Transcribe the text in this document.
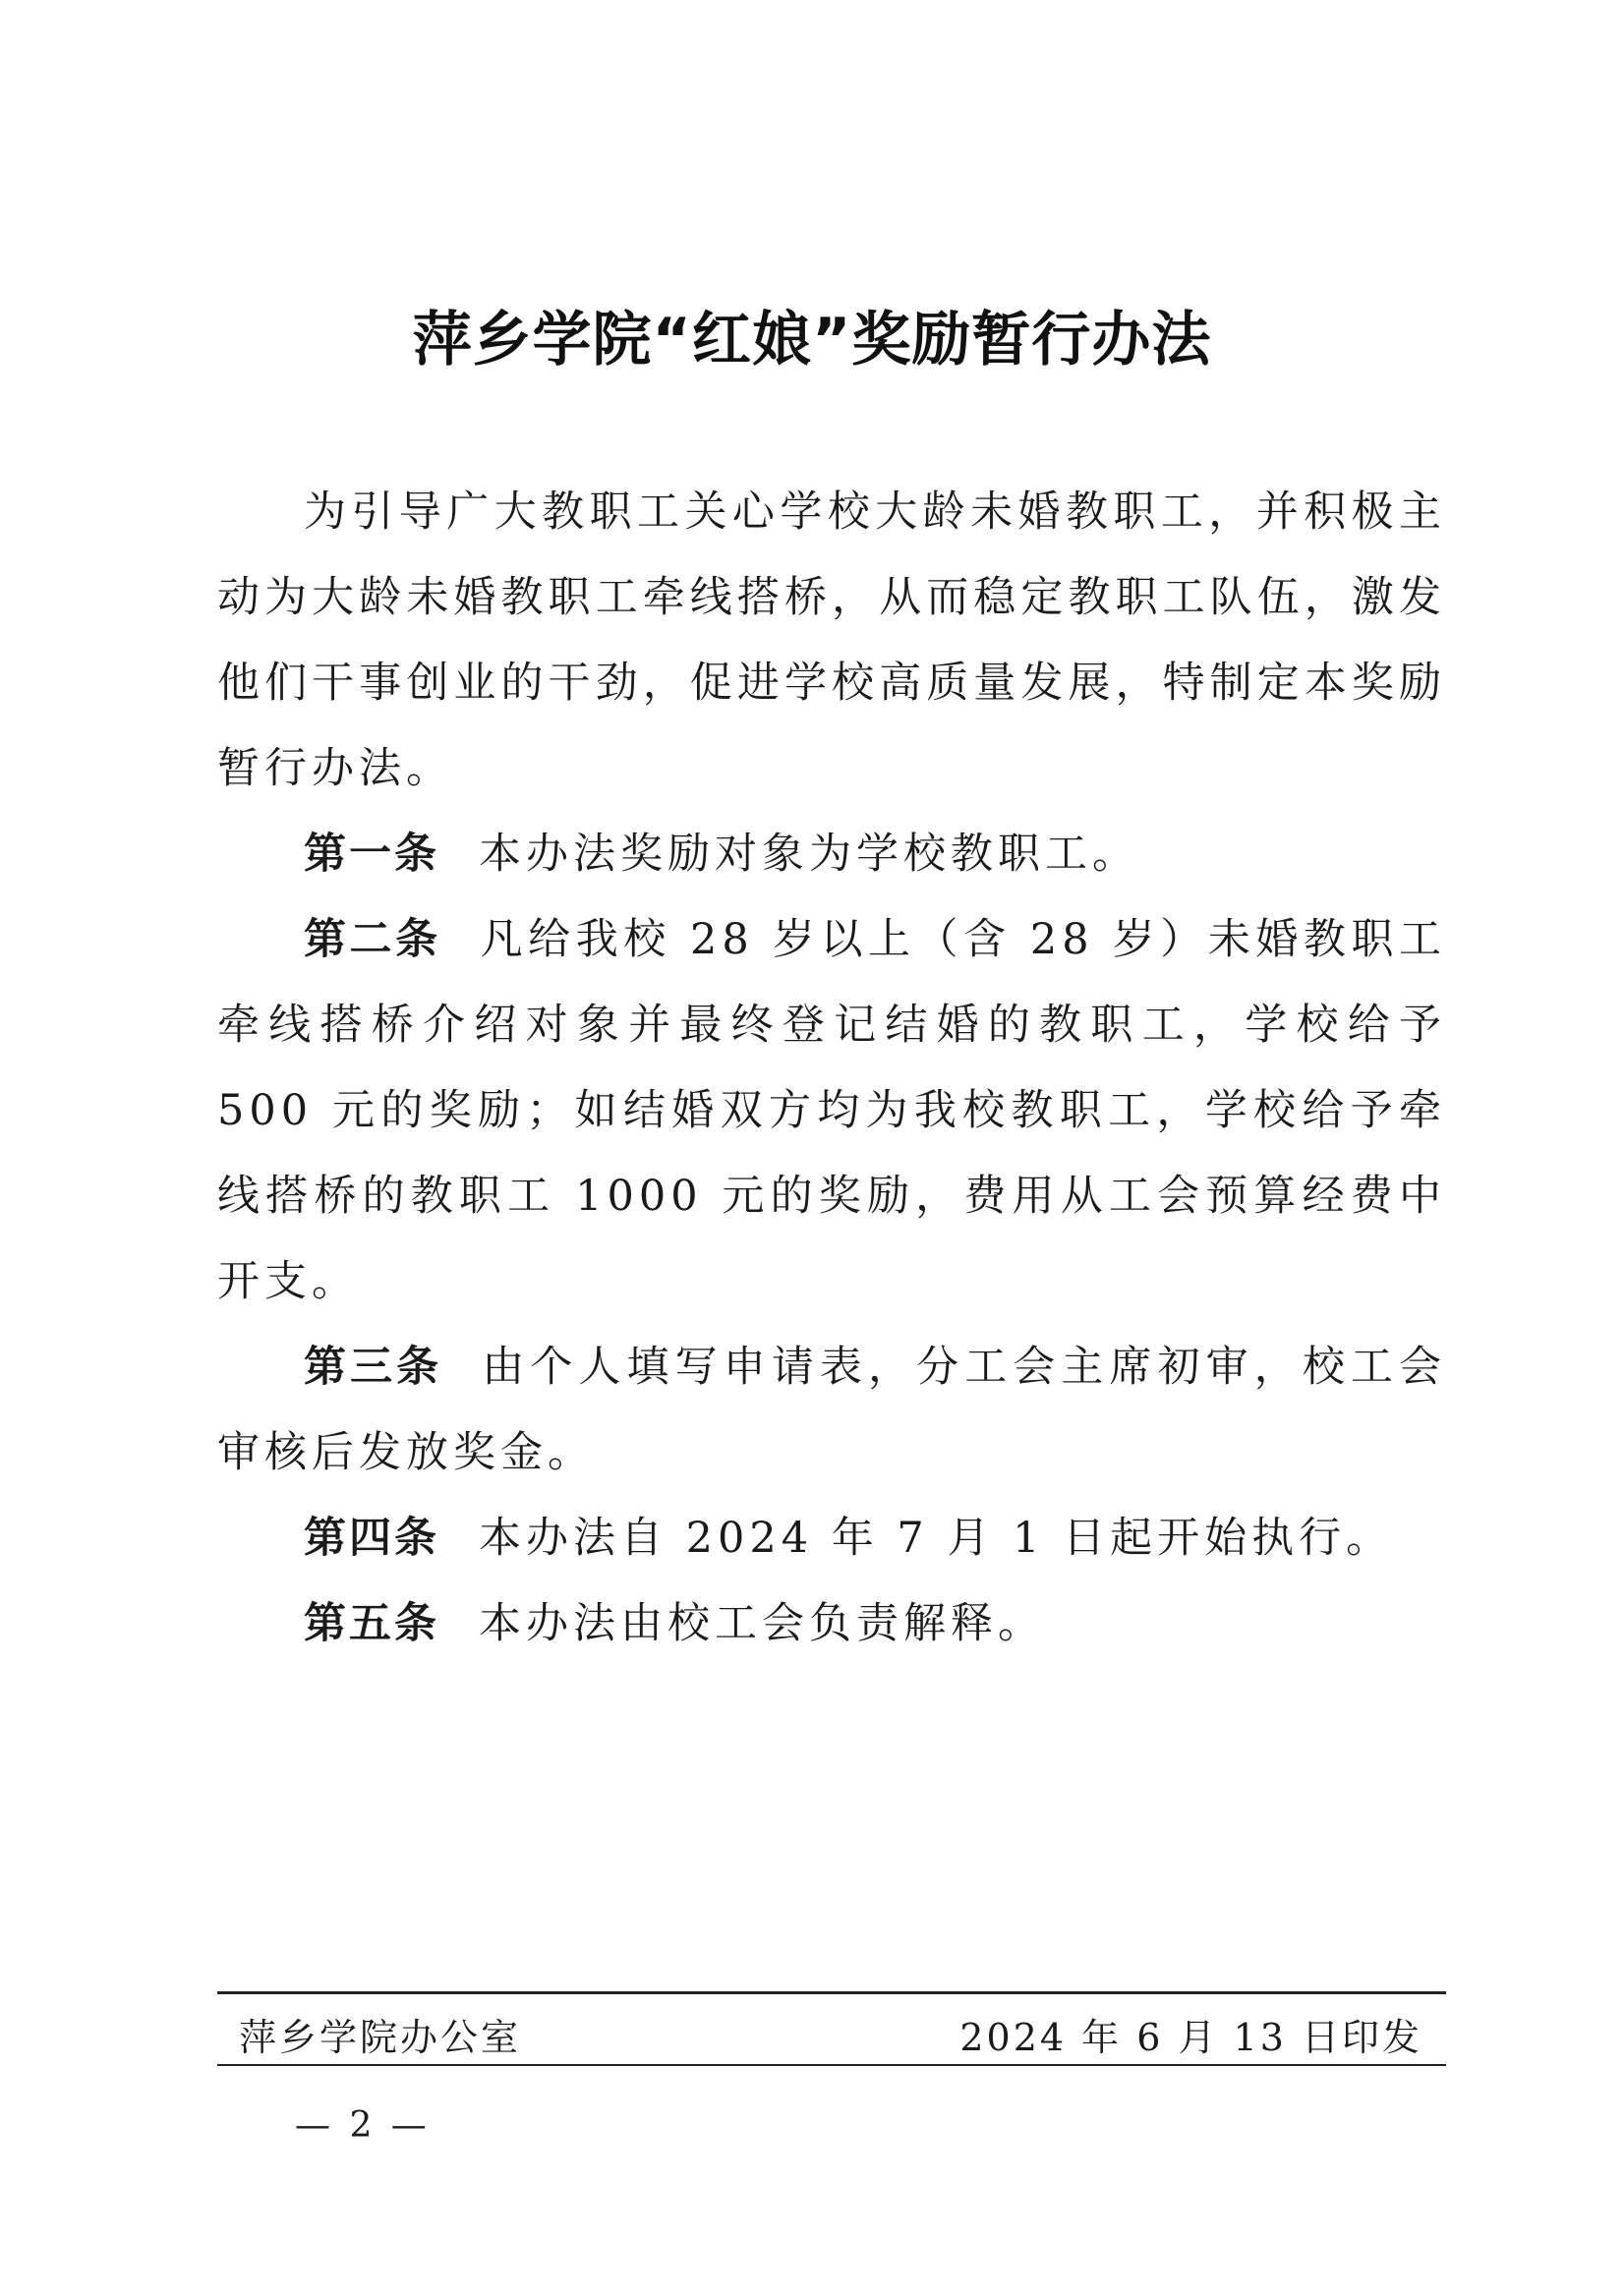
萍乡学院“红娘”奖励暂行办法

为引导广大教职工关心学校大龄未婚教职工，并积极主动为大龄未婚教职工牵线搭桥，从而稳定教职工队伍，激发他们干事创业的干劲，促进学校高质量发展，特制定本奖励暂行办法。

第一条 本办法奖励对象为学校教职工。

第二条 凡给我校 28 岁以上（含 28 岁）未婚教职工牵线搭桥介绍对象并最终登记结婚的教职工，学校给予 500 元的奖励；如结婚双方均为我校教职工，学校给予牵线搭桥的教职工 1000 元的奖励，费用从工会预算经费中开支。

第三条 由个人填写申请表，分工会主席初审，校工会审核后发放奖金。

第四条 本办法自 2024 年 7 月 1 日起开始执行。

第五条 本办法由校工会负责解释。

萍乡学院办公室	2024 年 6 月 13 日印发
— 2 —
